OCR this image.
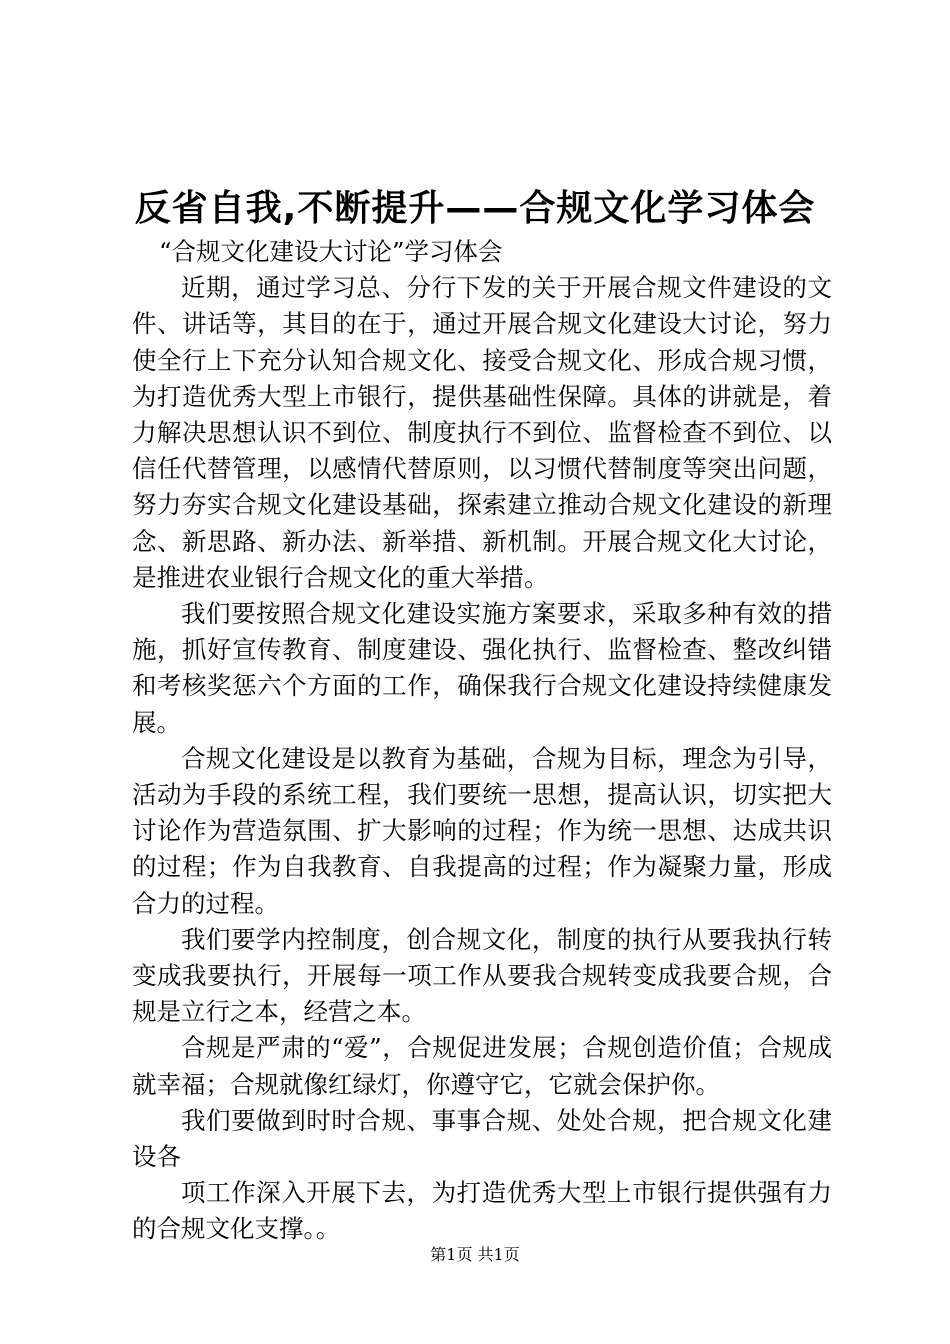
反省自我,不断提升——合规文化学习体会

“合规文化建设大讨论”学习体会

近期，通过学习总、分行下发的关于开展合规文件建设的文件、讲话等，其目的在于，通过开展合规文化建设大讨论，努力使全行上下充分认知合规文化、接受合规文化、形成合规习惯，为打造优秀大型上市银行，提供基础性保障。具体的讲就是，着力解决思想认识不到位、制度执行不到位、监督检查不到位、以信任代替管理，以感情代替原则，以习惯代替制度等突出问题，努力夯实合规文化建设基础，探索建立推动合规文化建设的新理念、新思路、新办法、新举措、新机制。开展合规文化大讨论，是推进农业银行合规文化的重大举措。

我们要按照合规文化建设实施方案要求，采取多种有效的措施，抓好宣传教育、制度建设、强化执行、监督检查、整改纠错和考核奖惩六个方面的工作，确保我行合规文化建设持续健康发展。

合规文化建设是以教育为基础，合规为目标，理念为引导，活动为手段的系统工程，我们要统一思想，提高认识，切实把大讨论作为营造氛围、扩大影响的过程；作为统一思想、达成共识的过程；作为自我教育、自我提高的过程；作为凝聚力量，形成合力的过程。

我们要学内控制度，创合规文化，制度的执行从要我执行转变成我要执行，开展每一项工作从要我合规转变成我要合规，合规是立行之本，经营之本。

合规是严肃的“爱”，合规促进发展；合规创造价值；合规成就幸福；合规就像红绿灯，你遵守它，它就会保护你。

我们要做到时时合规、事事合规、处处合规，把合规文化建设各

项工作深入开展下去，为打造优秀大型上市银行提供强有力的合规文化支撑。。

第1页 共1页
